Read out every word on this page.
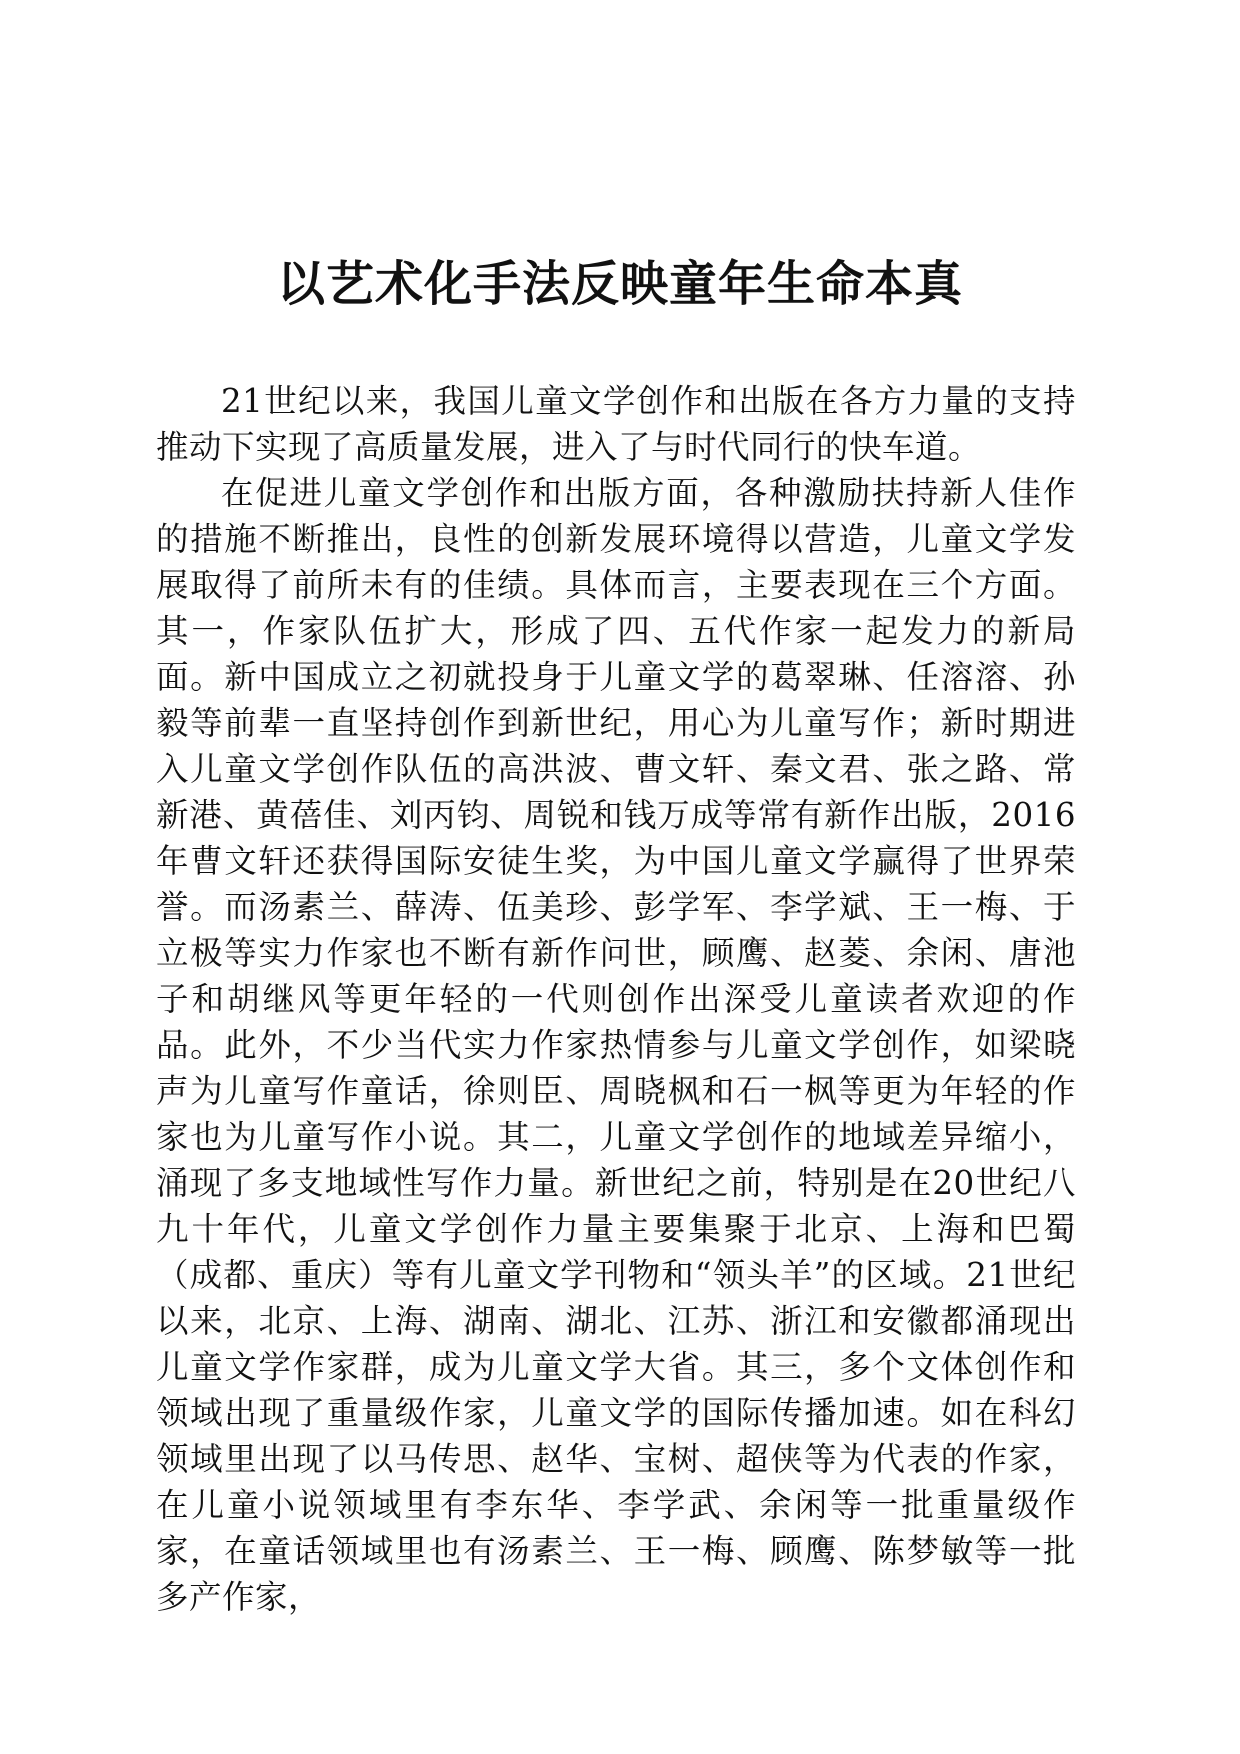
以艺术化手法反映童年生命本真

21世纪以来，我国儿童文学创作和出版在各方力量的支持推动下实现了高质量发展，进入了与时代同行的快车道。

在促进儿童文学创作和出版方面，各种激励扶持新人佳作的措施不断推出，良性的创新发展环境得以营造，儿童文学发展取得了前所未有的佳绩。具体而言，主要表现在三个方面。其一，作家队伍扩大，形成了四、五代作家一起发力的新局面。新中国成立之初就投身于儿童文学的葛翠琳、任溶溶、孙毅等前辈一直坚持创作到新世纪，用心为儿童写作；新时期进入儿童文学创作队伍的高洪波、曹文轩、秦文君、张之路、常新港、黄蓓佳、刘丙钧、周锐和钱万成等常有新作出版，2016年曹文轩还获得国际安徒生奖，为中国儿童文学赢得了世界荣誉。而汤素兰、薛涛、伍美珍、彭学军、李学斌、王一梅、于立极等实力作家也不断有新作问世，顾鹰、赵菱、余闲、唐池子和胡继风等更年轻的一代则创作出深受儿童读者欢迎的作品。此外，不少当代实力作家热情参与儿童文学创作，如梁晓声为儿童写作童话，徐则臣、周晓枫和石一枫等更为年轻的作家也为儿童写作小说。其二，儿童文学创作的地域差异缩小，涌现了多支地域性写作力量。新世纪之前，特别是在20世纪八九十年代，儿童文学创作力量主要集聚于北京、上海和巴蜀（成都、重庆）等有儿童文学刊物和“领头羊”的区域。21世纪以来，北京、上海、湖南、湖北、江苏、浙江和安徽都涌现出儿童文学作家群，成为儿童文学大省。其三，多个文体创作和领域出现了重量级作家，儿童文学的国际传播加速。如在科幻领域里出现了以马传思、赵华、宝树、超侠等为代表的作家，在儿童小说领域里有李东华、李学武、余闲等一批重量级作家，在童话领域里也有汤素兰、王一梅、顾鹰、陈梦敏等一批多产作家，
